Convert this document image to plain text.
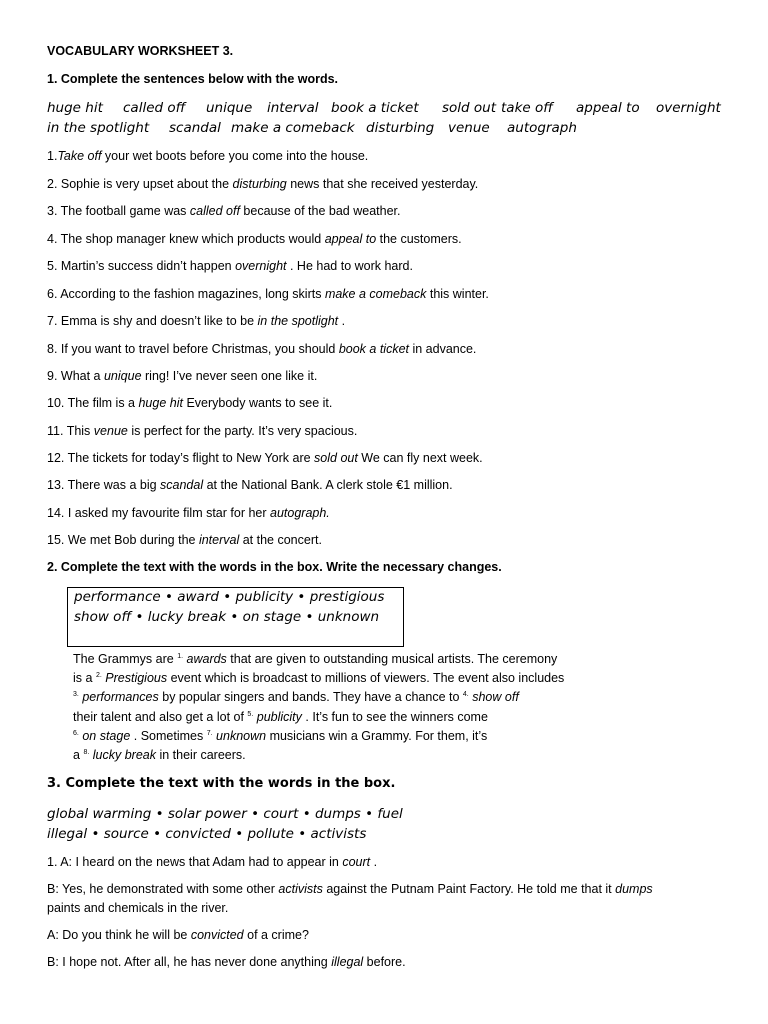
VOCABULARY WORKSHEET 3.
1. Complete the sentences below with the words.
huge hit called off unique interval book a ticket sold out take off appeal to overnight
in the spotlight scandal make a comeback disturbing venue autograph
1.Take off your wet boots before you come into the house.
2. Sophie is very upset about the disturbing news that she received yesterday.
3. The football game was called off because of the bad weather.
4. The shop manager knew which products would appeal to the customers.
5. Martin’s success didn’t happen overnight . He had to work hard.
6. According to the fashion magazines, long skirts make a comeback this winter.
7. Emma is shy and doesn’t like to be in the spotlight .
8. If you want to travel before Christmas, you should book a ticket in advance.
9. What a unique ring! I’ve never seen one like it.
10. The film is a huge hit Everybody wants to see it.
11. This venue is perfect for the party. It’s very spacious.
12. The tickets for today’s flight to New York are sold out We can fly next week.
13. There was a big scandal at the National Bank. A clerk stole €1 million.
14. I asked my favourite film star for her autograph.
15. We met Bob during the interval at the concert.
2. Complete the text with the words in the box. Write the necessary changes.
performance • award • publicity • prestigious
show off • lucky break • on stage • unknown
The Grammys are $^{1.}$ awards that are given to outstanding musical artists. The ceremony
is a $^{2.}$ Prestigious event which is broadcast to millions of viewers. The event also includes
$^{3.}$ performances by popular singers and bands. They have a chance to $^{4.}$ show off
their talent and also get a lot of $^{5.}$ publicity . It’s fun to see the winners come
$^{6.}$ on stage . Sometimes $^{7.}$ unknown musicians win a Grammy. For them, it’s
a $^{8.}$ lucky break in their careers.
3. Complete the text with the words in the box.
global warming • solar power • court • dumps • fuel
illegal • source • convicted • pollute • activists
1. A: I heard on the news that Adam had to appear in court .
B: Yes, he demonstrated with some other activists against the Putnam Paint Factory. He told me that it dumps
paints and chemicals in the river.
A: Do you think he will be convicted of a crime?
B: I hope not. After all, he has never done anything illegal before.
